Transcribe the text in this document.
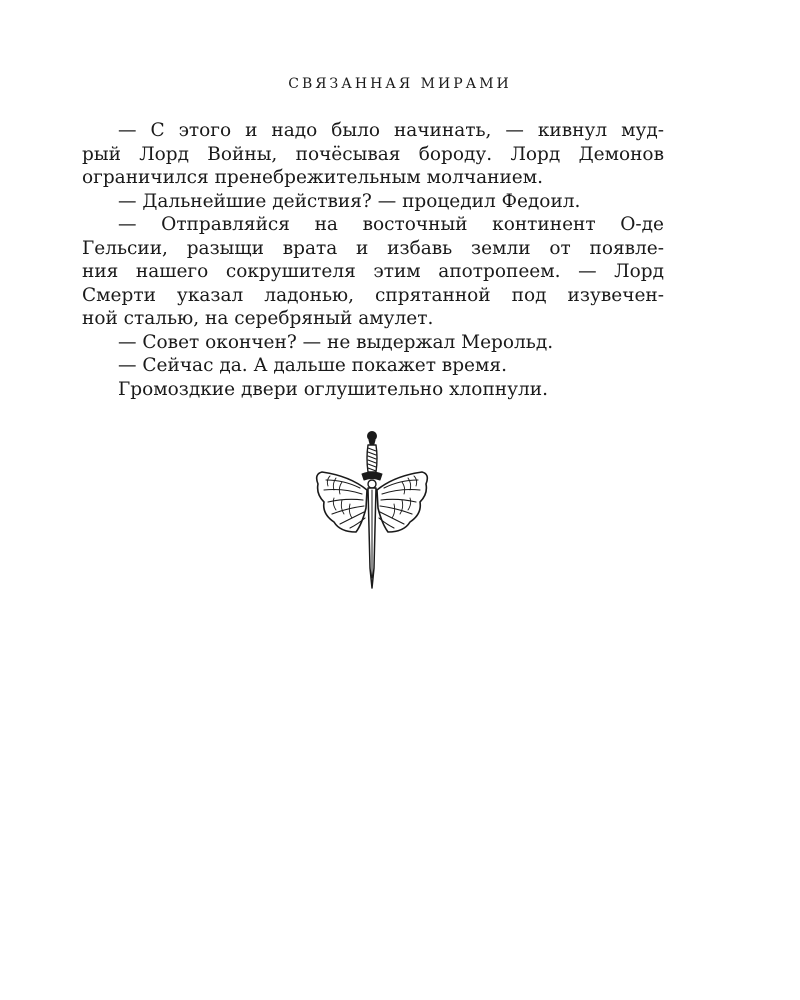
СВЯЗАННАЯ МИРАМИ
— С этого и надо было начинать, — кивнул муд-
рый Лорд Войны, почёсывая бороду. Лорд Демонов
ограничился пренебрежительным молчанием.
— Дальнейшие действия? — процедил Федоил.
— Отправляйся на восточный континент О-де
Гельсии, разыщи врата и избавь земли от появле-
ния нашего сокрушителя этим апотропеем. — Лорд
Смерти указал ладонью, спрятанной под изувечен-
ной сталью, на серебряный амулет.
— Совет окончен? — не выдержал Мерольд.
— Сейчас да. А дальше покажет время.
Громоздкие двери оглушительно хлопнули.
